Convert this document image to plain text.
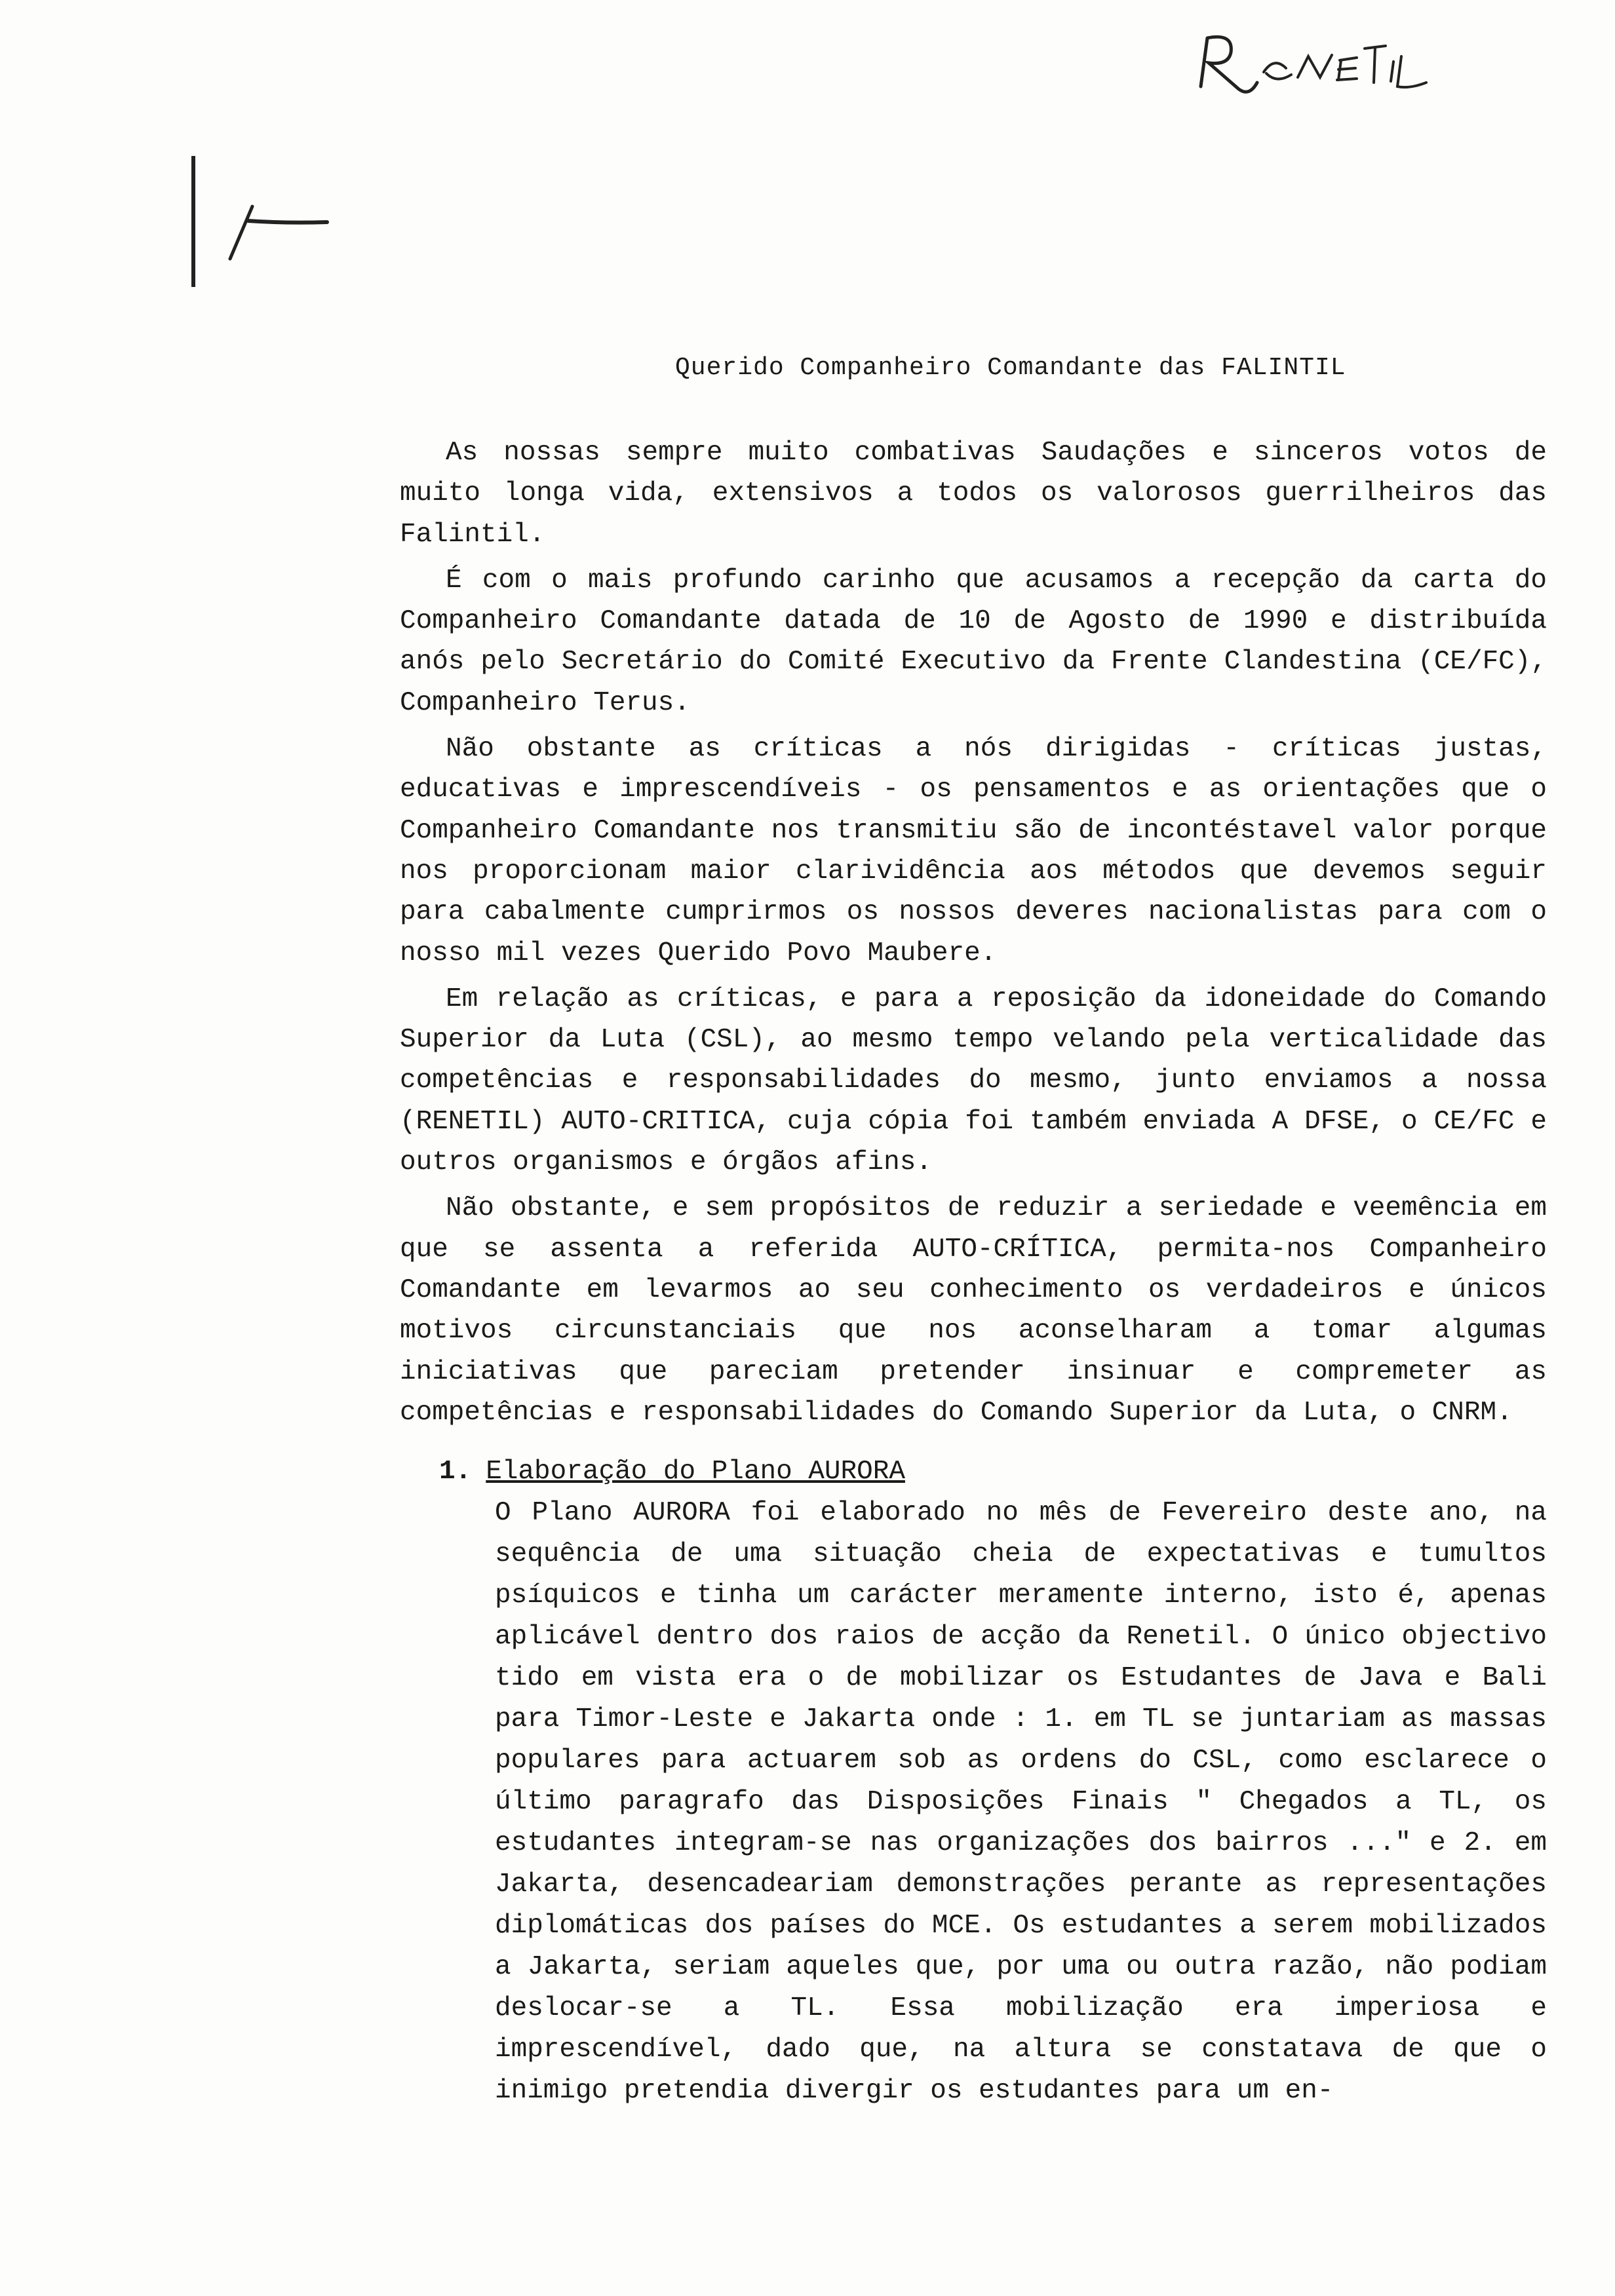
Querido Companheiro Comandante das FALINTIL

As nossas sempre muito combativas Saudações e sinceros votos de muito longa vida, extensivos a todos os valorosos guerrilheiros das Falintil.

É com o mais profundo carinho que acusamos a recepção da carta do Companheiro Comandante datada de 10 de Agosto de 1990 e distribuída anós pelo Secretário do Comité Executivo da Frente Clandestina (CE/FC), Companheiro Terus.

Não obstante as críticas a nós dirigidas - críticas justas, educativas e imprescendíveis - os pensamentos e as orientações que o Companheiro Comandante nos transmitiu são de incontéstavel valor porque nos proporcionam maior clarividência aos métodos que devemos seguir para cabalmente cumprirmos os nossos deveres nacionalistas para com o nosso mil vezes Querido Povo Maubere.

Em relação as críticas, e para a reposição da idoneidade do Comando Superior da Luta (CSL), ao mesmo tempo velando pela verticalidade das competências e responsabilidades do mesmo, junto enviamos a nossa (RENETIL) AUTO-CRITICA, cuja cópia foi também enviada A DFSE, o CE/FC e outros organismos e órgãos afins.

Não obstante, e sem propósitos de reduzir a seriedade e veemência em que se assenta a referida AUTO-CRÍTICA, permita-nos Companheiro Comandante em levarmos ao seu conhecimento os verdadeiros e únicos motivos circunstanciais que nos aconselharam a tomar algumas iniciativas que pareciam pretender insinuar e compremeter as competências e responsabilidades do Comando Superior da Luta, o CNRM.

1. Elaboração do Plano AURORA

O Plano AURORA foi elaborado no mês de Fevereiro deste ano, na sequência de uma situação cheia de expectativas e tumultos psíquicos e tinha um carácter meramente interno, isto é, apenas aplicável dentro dos raios de acção da Renetil. O único objectivo tido em vista era o de mobilizar os Estudantes de Java e Bali para Timor-Leste e Jakarta onde : 1. em TL se juntariam as massas populares para actuarem sob as ordens do CSL, como esclarece o último paragrafo das Disposições Finais " Chegados a TL, os estudantes integram-se nas organizações dos bairros ..." e 2. em Jakarta, desencadeariam demonstrações perante as representações diplomáticas dos países do MCE. Os estudantes a serem mobilizados a Jakarta, seriam aqueles que, por uma ou outra razão, não podiam deslocar-se a TL. Essa mobilização era imperiosa e imprescendível, dado que, na altura se constatava de que o inimigo pretendia divergir os estudantes para um en-
